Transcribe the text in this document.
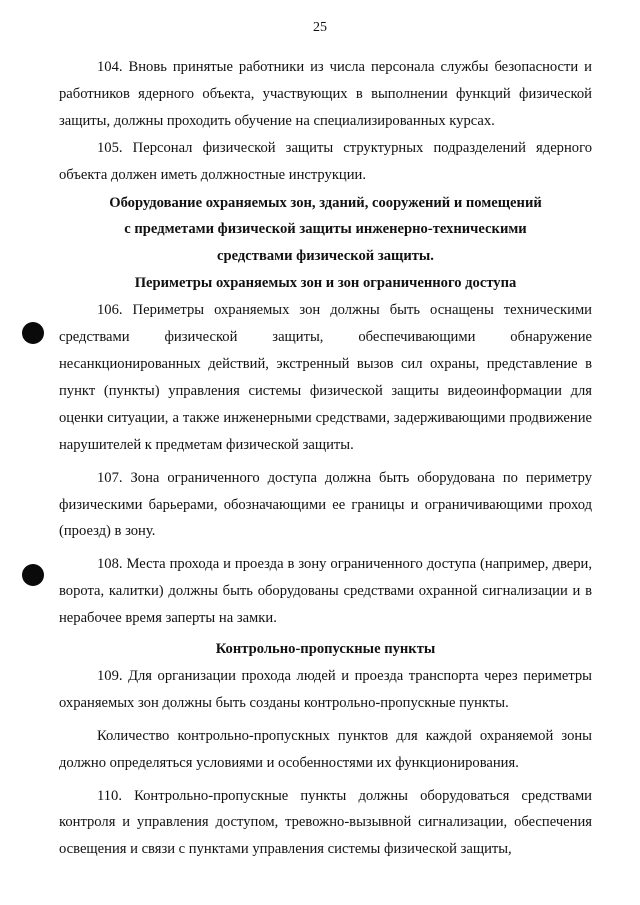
25

104. Вновь принятые работники из числа персонала службы безопасности и работников ядерного объекта, участвующих в выполнении функций физической защиты, должны проходить обучение на специализированных курсах.

105. Персонал физической защиты структурных подразделений ядерного объекта должен иметь должностные инструкции.

Оборудование охраняемых зон, зданий, сооружений и помещений

с предметами физической защиты инженерно-техническими

средствами физической защиты.

Периметры охраняемых зон и зон ограниченного доступа

106. Периметры охраняемых зон должны быть оснащены техническими средствами физической защиты, обеспечивающими обнаружение несанкционированных действий, экстренный вызов сил охраны, представление в пункт (пункты) управления системы физической защиты видеоинформации для оценки ситуации, а также инженерными средствами, задерживающими продвижение нарушителей к предметам физической защиты.

107. Зона ограниченного доступа должна быть оборудована по периметру физическими барьерами, обозначающими ее границы и ограничивающими проход (проезд) в зону.

108. Места прохода и проезда в зону ограниченного доступа (например, двери, ворота, калитки) должны быть оборудованы средствами охранной сигнализации и в нерабочее время заперты на замки.

Контрольно-пропускные пункты

109. Для организации прохода людей и проезда транспорта через периметры охраняемых зон должны быть созданы контрольно-пропускные пункты.

Количество контрольно-пропускных пунктов для каждой охраняемой зоны должно определяться условиями и особенностями их функционирования.

110. Контрольно-пропускные пункты должны оборудоваться средствами контроля и управления доступом, тревожно-вызывной сигнализации, обеспечения освещения и связи с пунктами управления системы физической защиты,
